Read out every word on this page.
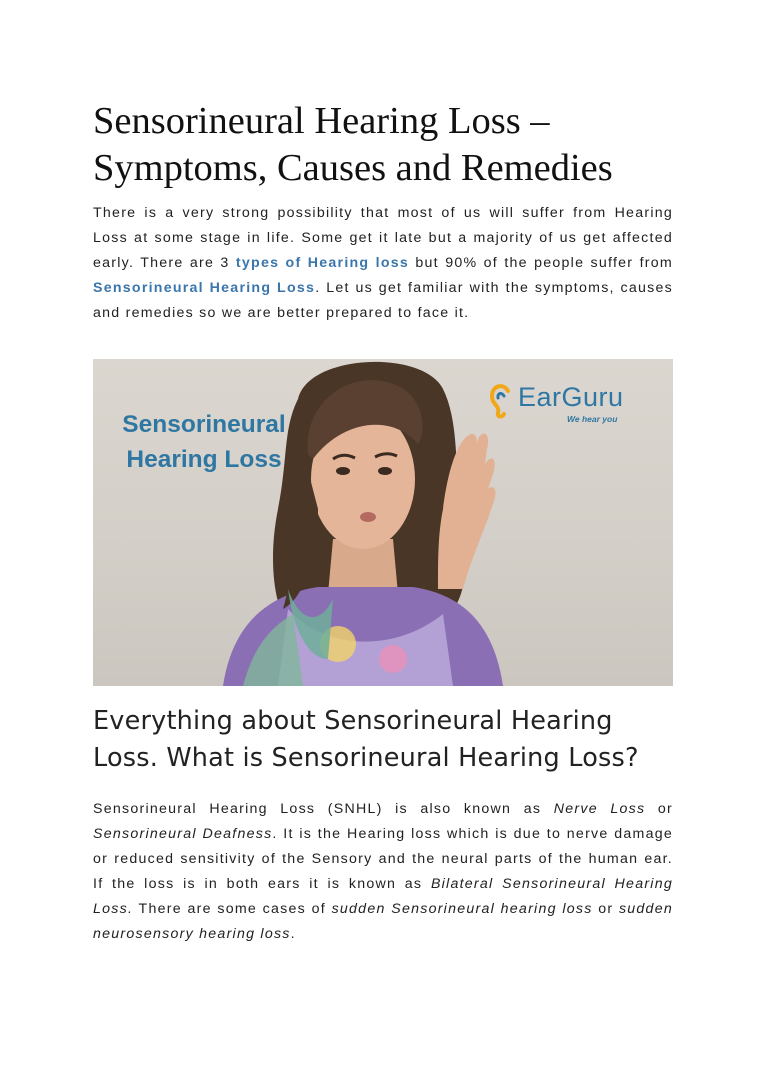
Sensorineural Hearing Loss – Symptoms, Causes and Remedies

There is a very strong possibility that most of us will suffer from Hearing Loss at some stage in life. Some get it late but a majority of us get affected early. There are 3 types of Hearing loss but 90% of the people suffer from Sensorineural Hearing Loss. Let us get familiar with the symptoms, causes and remedies so we are better prepared to face it.

Sensorineural
Hearing Loss
EarGuru
We hear you
Everything about Sensorineural Hearing Loss. What is Sensorineural Hearing Loss?

Sensorineural Hearing Loss (SNHL) is also known as Nerve Loss or Sensorineural Deafness. It is the Hearing loss which is due to nerve damage or reduced sensitivity of the Sensory and the neural parts of the human ear. If the loss is in both ears it is known as Bilateral Sensorineural Hearing Loss. There are some cases of sudden Sensorineural hearing loss or sudden neurosensory hearing loss.
